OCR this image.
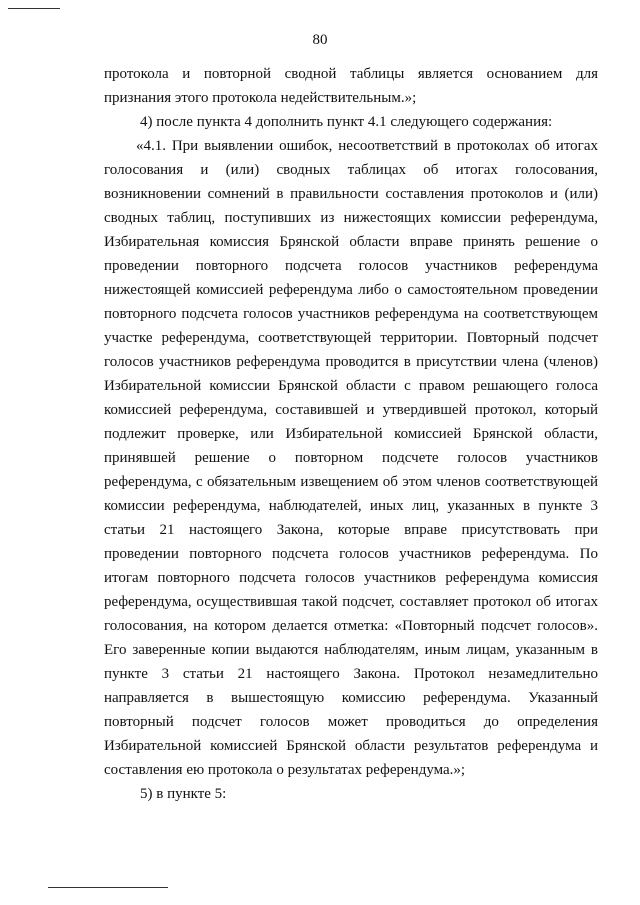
80

протокола и повторной сводной таблицы является основанием для признания этого протокола недействительным.»;

4) после пункта 4 дополнить пункт 4.1 следующего содержания:

«4.1. При выявлении ошибок, несоответствий в протоколах об итогах голосования и (или) сводных таблицах об итогах голосования, возникновении сомнений в правильности составления протоколов и (или) сводных таблиц, поступивших из нижестоящих комиссии референдума, Избирательная комиссия Брянской области вправе принять решение о проведении повторного подсчета голосов участников референдума нижестоящей комиссией референдума либо о самостоятельном проведении повторного подсчета голосов участников референдума на соответствующем участке референдума, соответствующей территории. Повторный подсчет голосов участников референдума проводится в присутствии члена (членов) Избирательной комиссии Брянской области с правом решающего голоса комиссией референдума, составившей и утвердившей протокол, который подлежит проверке, или Избирательной комиссией Брянской области, принявшей решение о повторном подсчете голосов участников референдума, с обязательным извещением об этом членов соответствующей комиссии референдума, наблюдателей, иных лиц, указанных в пункте 3 статьи 21 настоящего Закона, которые вправе присутствовать при проведении повторного подсчета голосов участников референдума. По итогам повторного подсчета голосов участников референдума комиссия референдума, осуществившая такой подсчет, составляет протокол об итогах голосования, на котором делается отметка: «Повторный подсчет голосов». Его заверенные копии выдаются наблюдателям, иным лицам, указанным в пункте 3 статьи 21 настоящего Закона. Протокол незамедлительно направляется в вышестоящую комиссию референдума. Указанный повторный подсчет голосов может проводиться до определения Избирательной комиссией Брянской области результатов референдума и составления ею протокола о результатах референдума.»;

5) в пункте 5:
